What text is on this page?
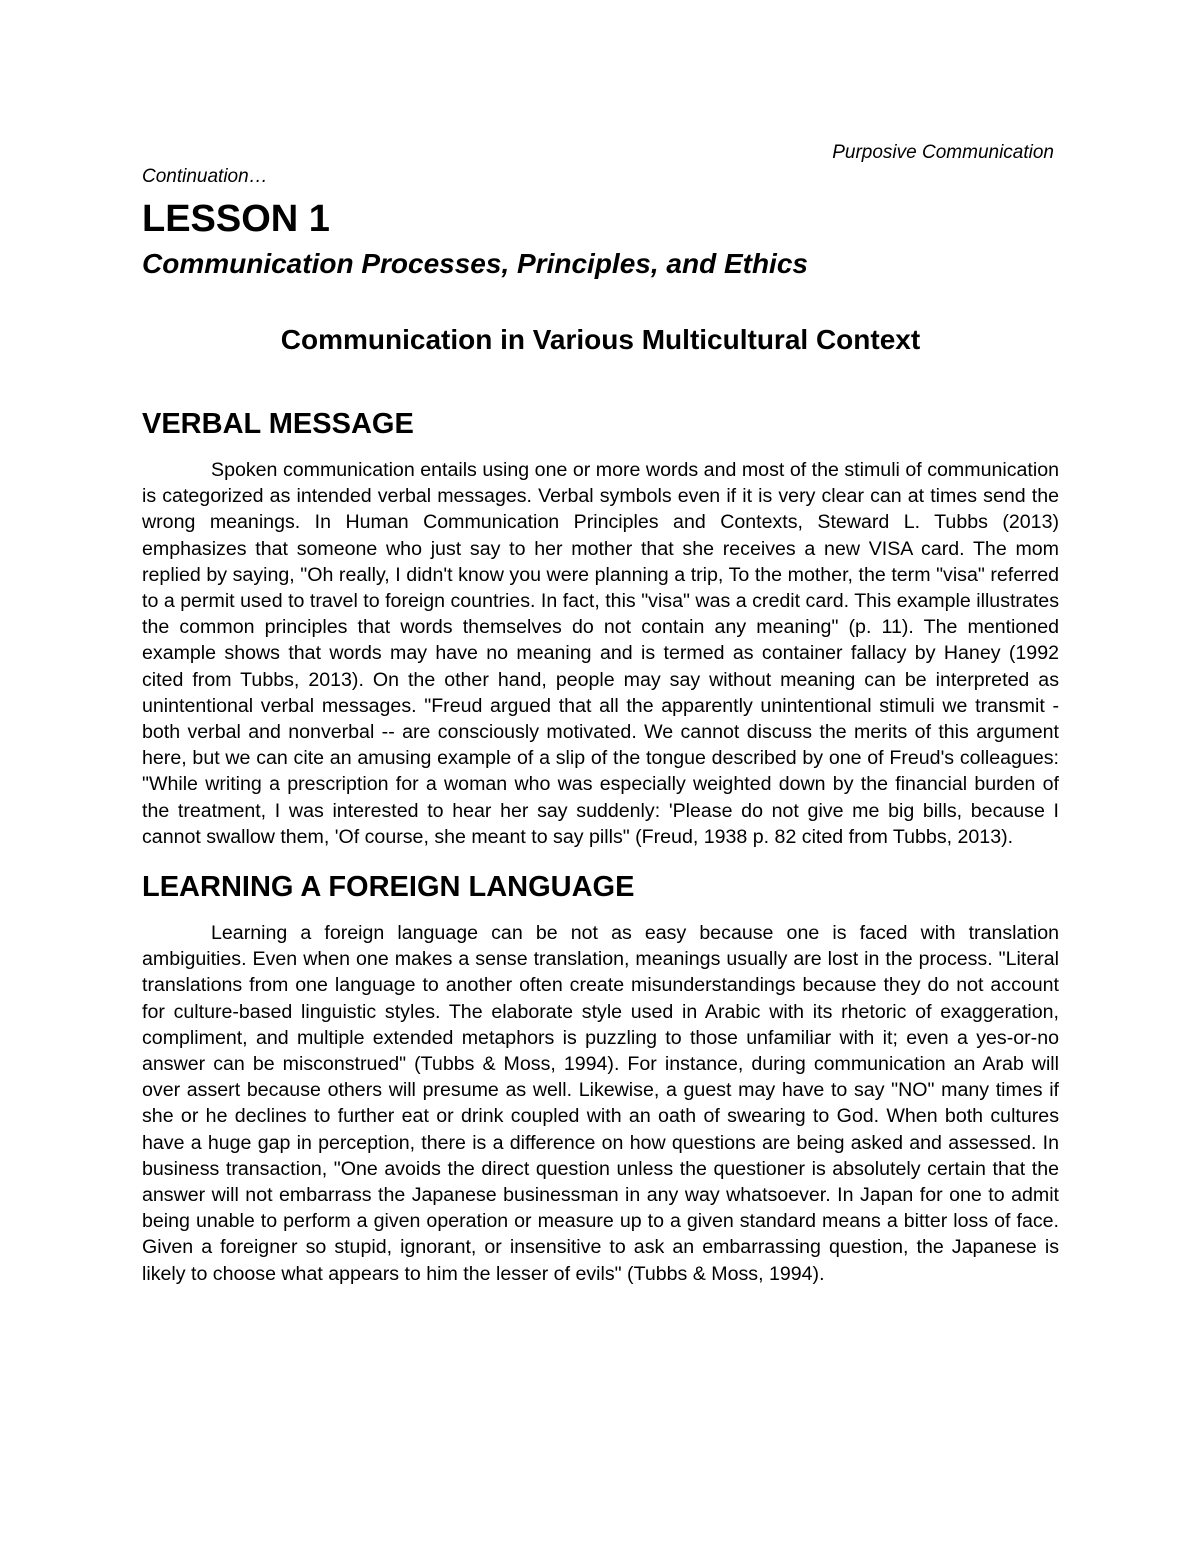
Purposive Communication

Continuation…

LESSON 1
Communication Processes, Principles, and Ethics
Communication in Various Multicultural Context
VERBAL MESSAGE

Spoken communication entails using one or more words and most of the stimuli of communication is categorized as intended verbal messages. Verbal symbols even if it is very clear can at times send the wrong meanings. In Human Communication Principles and Contexts, Steward L. Tubbs (2013) emphasizes that someone who just say to her mother that she receives a new VISA card. The mom replied by saying, "Oh really, I didn't know you were planning a trip, To the mother, the term "visa" referred to a permit used to travel to foreign countries. In fact, this "visa" was a credit card. This example illustrates the common principles that words themselves do not contain any meaning" (p. 11). The mentioned example shows that words may have no meaning and is termed as container fallacy by Haney (1992 cited from Tubbs, 2013). On the other hand, people may say without meaning can be interpreted as unintentional verbal messages. "Freud argued that all the apparently unintentional stimuli we transmit - both verbal and nonverbal -- are consciously motivated. We cannot discuss the merits of this argument here, but we can cite an amusing example of a slip of the tongue described by one of Freud's colleagues: "While writing a prescription for a woman who was especially weighted down by the financial burden of the treatment, I was interested to hear her say suddenly: 'Please do not give me big bills, because I cannot swallow them, 'Of course, she meant to say pills" (Freud, 1938 p. 82 cited from Tubbs, 2013).

LEARNING A FOREIGN LANGUAGE

Learning a foreign language can be not as easy because one is faced with translation ambiguities. Even when one makes a sense translation, meanings usually are lost in the process. "Literal translations from one language to another often create misunderstandings because they do not account for culture-based linguistic styles. The elaborate style used in Arabic with its rhetoric of exaggeration, compliment, and multiple extended metaphors is puzzling to those unfamiliar with it; even a yes-or-no answer can be misconstrued" (Tubbs & Moss, 1994). For instance, during communication an Arab will over assert because others will presume as well. Likewise, a guest may have to say "NO" many times if she or he declines to further eat or drink coupled with an oath of swearing to God. When both cultures have a huge gap in perception, there is a difference on how questions are being asked and assessed. In business transaction, "One avoids the direct question unless the questioner is absolutely certain that the answer will not embarrass the Japanese businessman in any way whatsoever. In Japan for one to admit being unable to perform a given operation or measure up to a given standard means a bitter loss of face. Given a foreigner so stupid, ignorant, or insensitive to ask an embarrassing question, the Japanese is likely to choose what appears to him the lesser of evils" (Tubbs & Moss, 1994).
